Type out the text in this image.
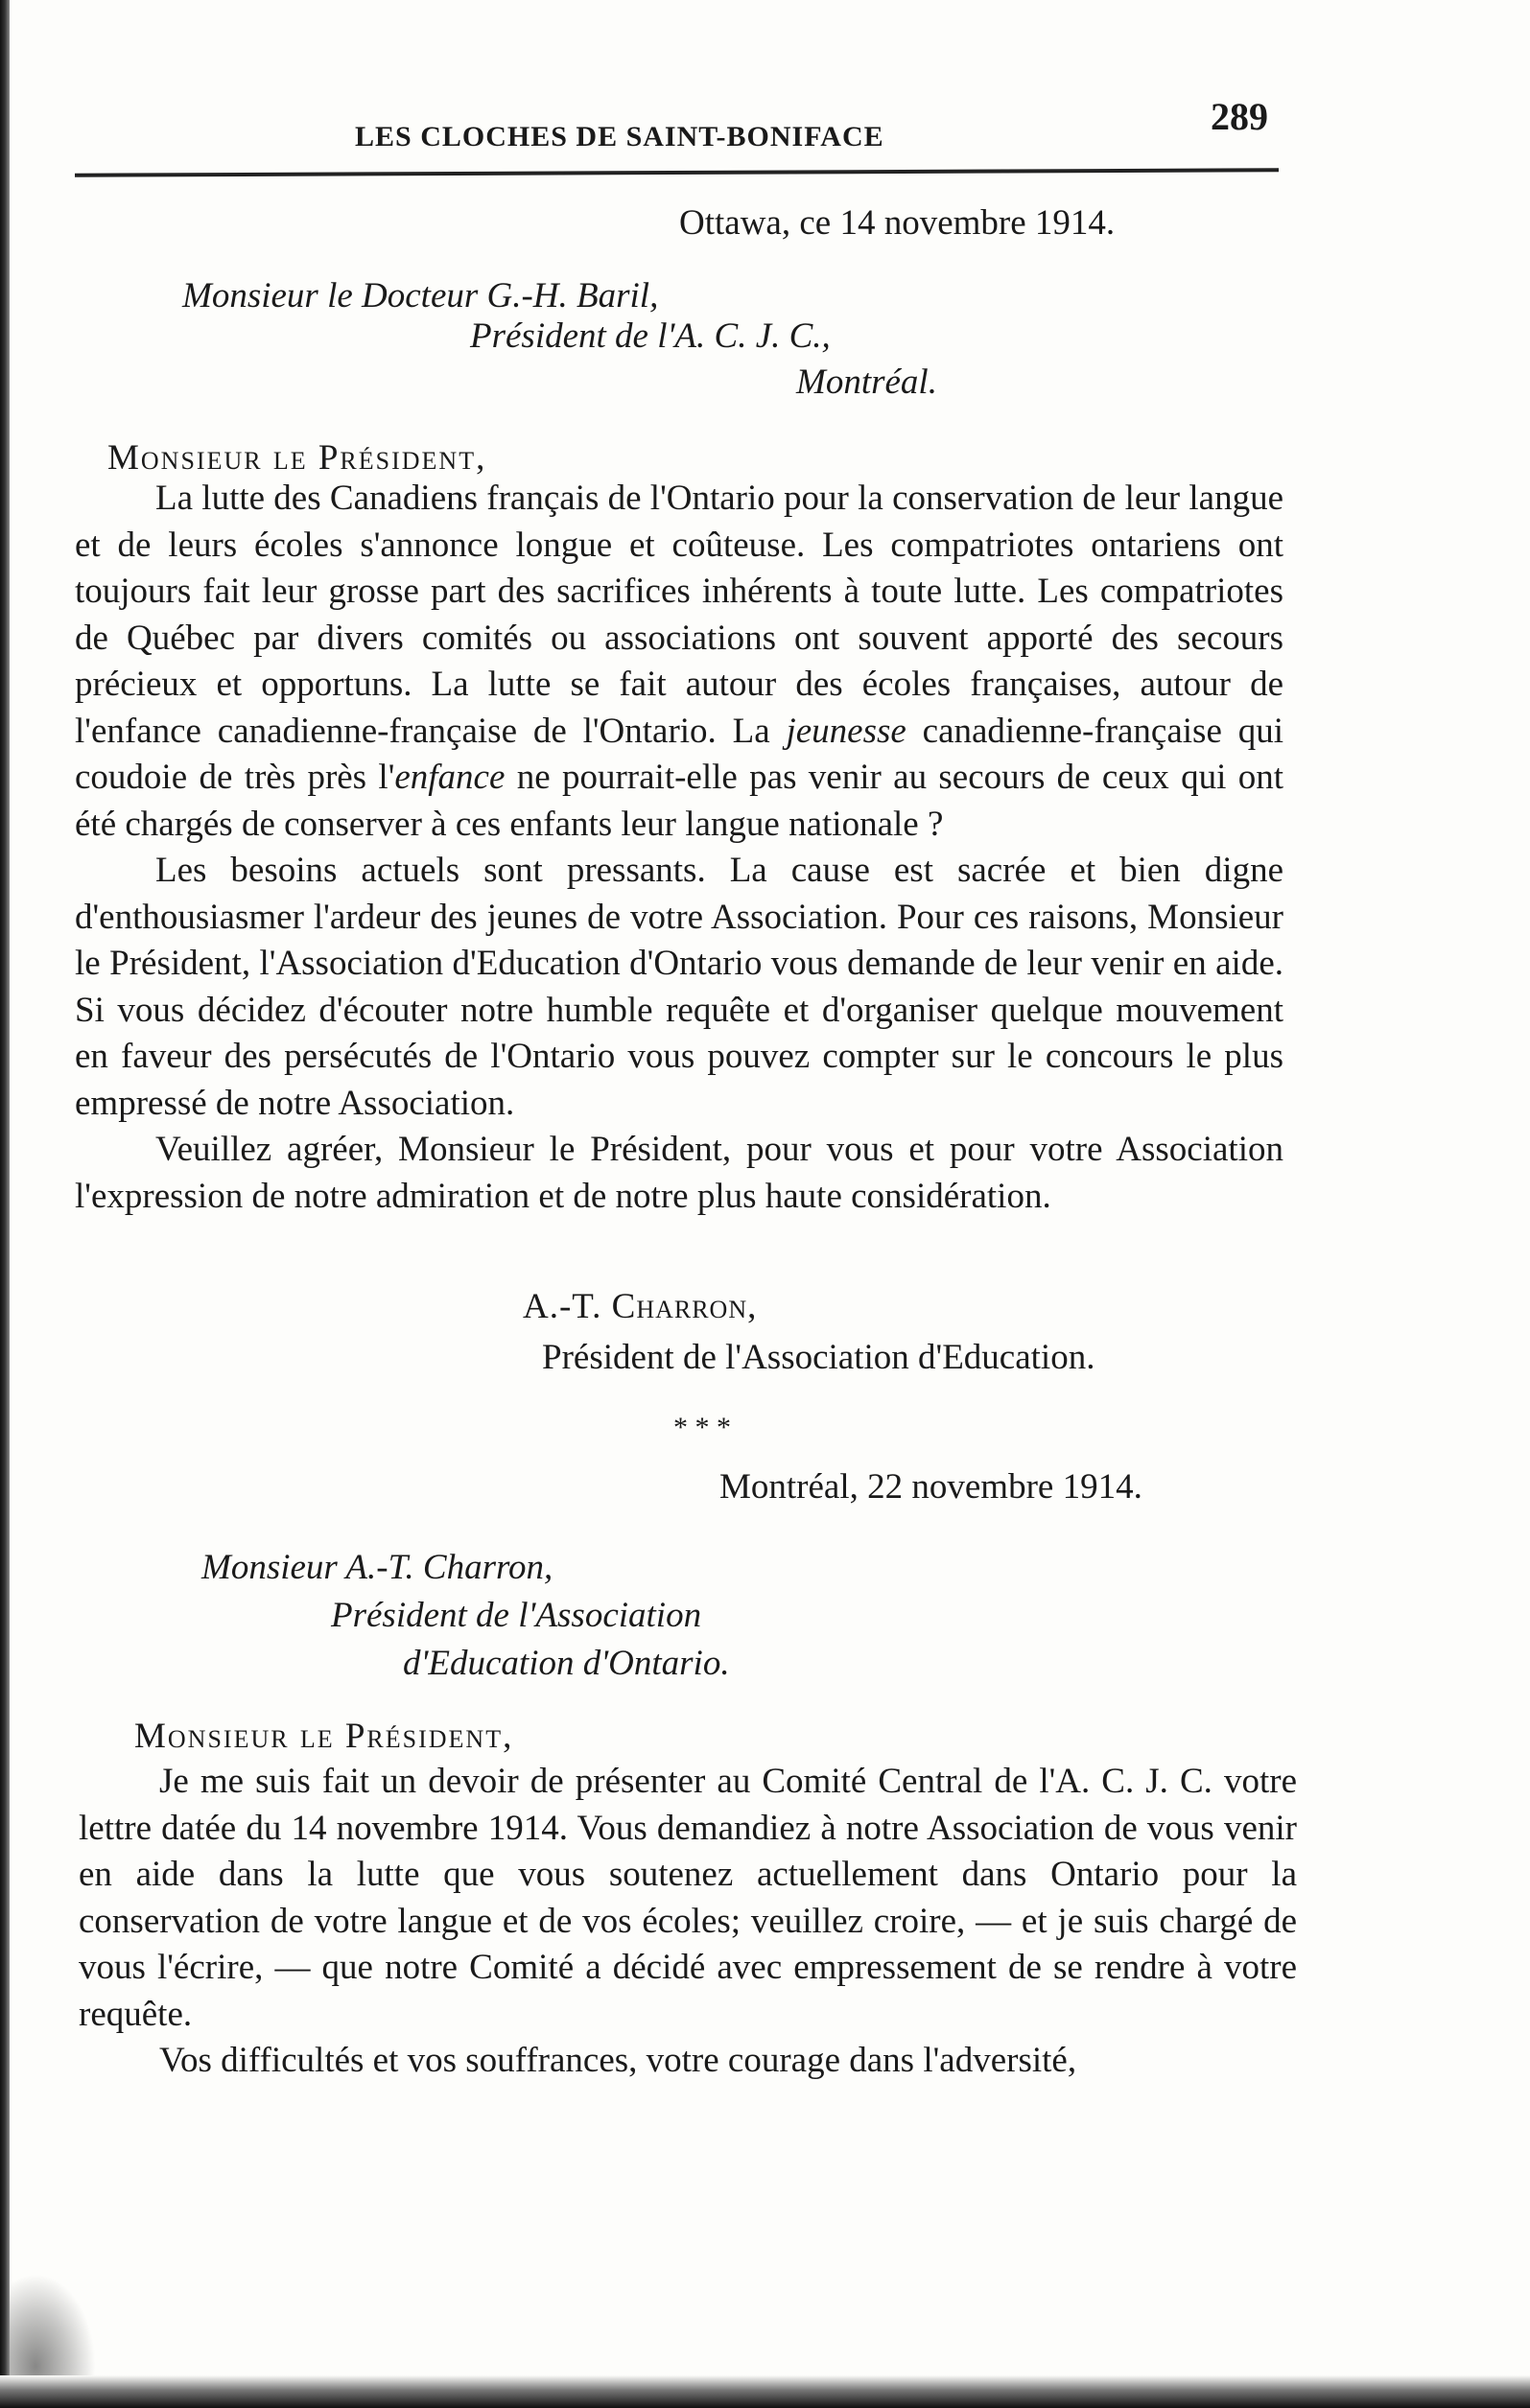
LES CLOCHES DE SAINT-BONIFACE	289
Ottawa, ce 14 novembre 1914.
Monsieur le Docteur G.-H. Baril,
Président de l'A. C. J. C.,
Montréal.
Monsieur le Président,

La lutte des Canadiens français de l'Ontario pour la conservation de leur langue et de leurs écoles s'annonce longue et coûteuse. Les compatriotes ontariens ont toujours fait leur grosse part des sacrifices inhérents à toute lutte. Les compatriotes de Québec par divers comités ou associations ont souvent apporté des secours précieux et opportuns. La lutte se fait autour des écoles françaises, autour de l'enfance canadienne-française de l'Ontario. La jeunesse canadienne-française qui coudoie de très près l'enfance ne pourrait-elle pas venir au secours de ceux qui ont été chargés de conserver à ces enfants leur langue nationale ?

Les besoins actuels sont pressants. La cause est sacrée et bien digne d'enthousiasmer l'ardeur des jeunes de votre Association. Pour ces raisons, Monsieur le Président, l'Association d'Education d'Ontario vous demande de leur venir en aide. Si vous décidez d'écouter notre humble requête et d'organiser quelque mouvement en faveur des persécutés de l'Ontario vous pouvez compter sur le concours le plus empressé de notre Association.

Veuillez agréer, Monsieur le Président, pour vous et pour votre Association l'expression de notre admiration et de notre plus haute considération.

A.-T. Charron,
Président de l'Association d'Education.
* * *
Montréal, 22 novembre 1914.
Monsieur A.-T. Charron,
Président de l'Association
d'Education d'Ontario.
Monsieur le Président,

Je me suis fait un devoir de présenter au Comité Central de l'A. C. J. C. votre lettre datée du 14 novembre 1914. Vous demandiez à notre Association de vous venir en aide dans la lutte que vous soutenez actuellement dans Ontario pour la conservation de votre langue et de vos écoles; veuillez croire, — et je suis chargé de vous l'écrire, — que notre Comité a décidé avec empressement de se rendre à votre requête.

Vos difficultés et vos souffrances, votre courage dans l'adversité,
